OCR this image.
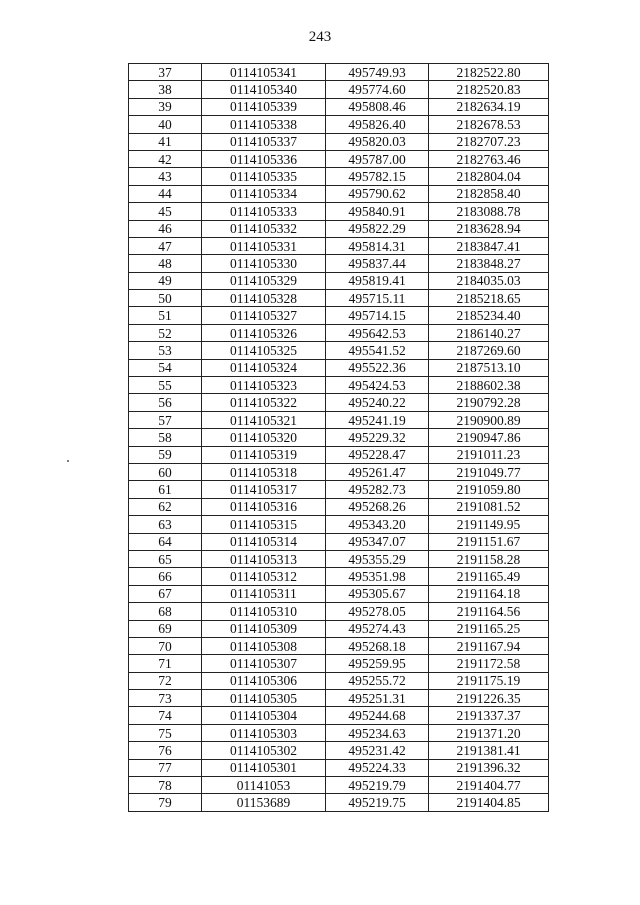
243
37	0114105341	495749.93	2182522.80
38	0114105340	495774.60	2182520.83
39	0114105339	495808.46	2182634.19
40	0114105338	495826.40	2182678.53
41	0114105337	495820.03	2182707.23
42	0114105336	495787.00	2182763.46
43	0114105335	495782.15	2182804.04
44	0114105334	495790.62	2182858.40
45	0114105333	495840.91	2183088.78
46	0114105332	495822.29	2183628.94
47	0114105331	495814.31	2183847.41
48	0114105330	495837.44	2183848.27
49	0114105329	495819.41	2184035.03
50	0114105328	495715.11	2185218.65
51	0114105327	495714.15	2185234.40
52	0114105326	495642.53	2186140.27
53	0114105325	495541.52	2187269.60
54	0114105324	495522.36	2187513.10
55	0114105323	495424.53	2188602.38
56	0114105322	495240.22	2190792.28
57	0114105321	495241.19	2190900.89
58	0114105320	495229.32	2190947.86
59	0114105319	495228.47	2191011.23
60	0114105318	495261.47	2191049.77
61	0114105317	495282.73	2191059.80
62	0114105316	495268.26	2191081.52
63	0114105315	495343.20	2191149.95
64	0114105314	495347.07	2191151.67
65	0114105313	495355.29	2191158.28
66	0114105312	495351.98	2191165.49
67	0114105311	495305.67	2191164.18
68	0114105310	495278.05	2191164.56
69	0114105309	495274.43	2191165.25
70	0114105308	495268.18	2191167.94
71	0114105307	495259.95	2191172.58
72	0114105306	495255.72	2191175.19
73	0114105305	495251.31	2191226.35
74	0114105304	495244.68	2191337.37
75	0114105303	495234.63	2191371.20
76	0114105302	495231.42	2191381.41
77	0114105301	495224.33	2191396.32
78	01141053	495219.79	2191404.77
79	01153689	495219.75	2191404.85
